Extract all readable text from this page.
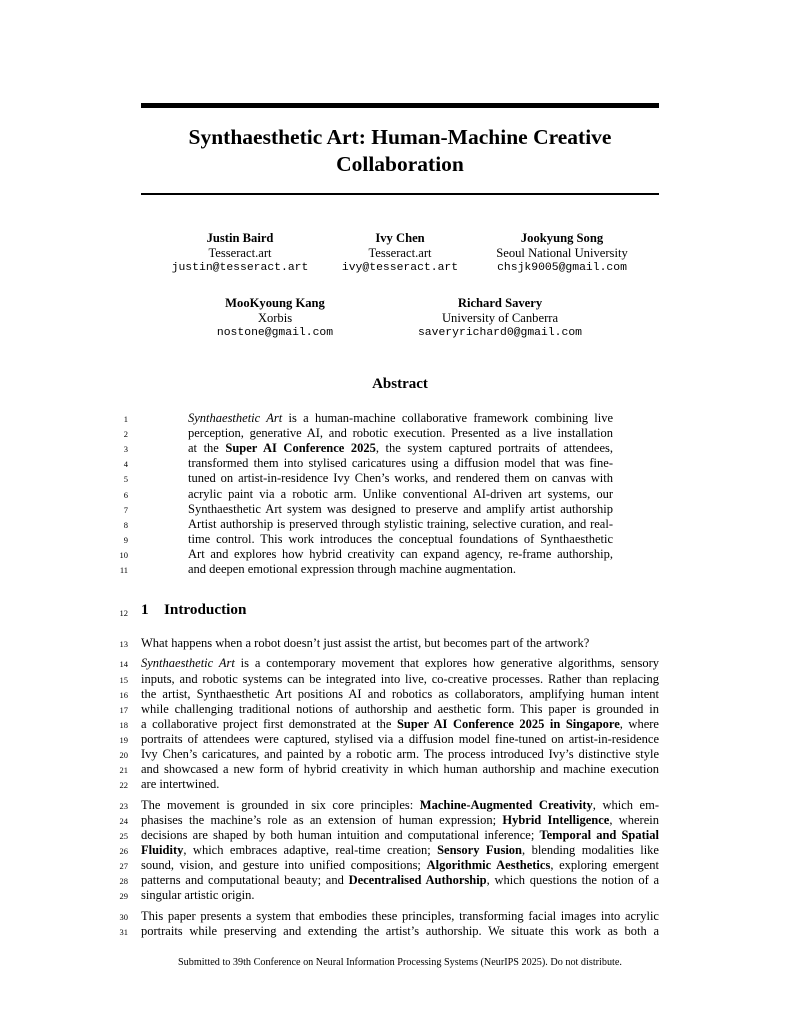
Synthaesthetic Art: Human-Machine Creative
Collaboration
Justin Baird
Tesseract.art
justin@tesseract.art
Ivy Chen
Tesseract.art
ivy@tesseract.art
Jookyung Song
Seoul National University
chsjk9005@gmail.com
MooKyoung Kang
Xorbis
nostone@gmail.com
Richard Savery
University of Canberra
saveryrichard0@gmail.com
Abstract
1	Synthaesthetic Art is a human-machine collaborative framework combining live
2	perception, generative AI, and robotic execution. Presented as a live installation
3	at the Super AI Conference 2025, the system captured portraits of attendees,
4	transformed them into stylised caricatures using a diffusion model that was fine-
5	tuned on artist-in-residence Ivy Chen’s works, and rendered them on canvas with
6	acrylic paint via a robotic arm. Unlike conventional AI-driven art systems, our
7	Synthaesthetic Art system was designed to preserve and amplify artist authorship
8	Artist authorship is preserved through stylistic training, selective curation, and real-
9	time control. This work introduces the conceptual foundations of Synthaesthetic
10	Art and explores how hybrid creativity can expand agency, re-frame authorship,
11	and deepen emotional expression through machine augmentation.
12 1 Introduction
13 What happens when a robot doesn’t just assist the artist, but becomes part of the artwork?
14 Synthaesthetic Art is a contemporary movement that explores how generative algorithms, sensory
15 inputs, and robotic systems can be integrated into live, co-creative processes. Rather than replacing
16 the artist, Synthaesthetic Art positions AI and robotics as collaborators, amplifying human intent
17 while challenging traditional notions of authorship and aesthetic form. This paper is grounded in
18 a collaborative project first demonstrated at the Super AI Conference 2025 in Singapore, where
19 portraits of attendees were captured, stylised via a diffusion model fine-tuned on artist-in-residence
20 Ivy Chen’s caricatures, and painted by a robotic arm. The process introduced Ivy’s distinctive style
21 and showcased a new form of hybrid creativity in which human authorship and machine execution
22 are intertwined.
23 The movement is grounded in six core principles: Machine-Augmented Creativity, which em-
24 phasises the machine’s role as an extension of human expression; Hybrid Intelligence, wherein
25 decisions are shaped by both human intuition and computational inference; Temporal and Spatial
26 Fluidity, which embraces adaptive, real-time creation; Sensory Fusion, blending modalities like
27 sound, vision, and gesture into unified compositions; Algorithmic Aesthetics, exploring emergent
28 patterns and computational beauty; and Decentralised Authorship, which questions the notion of a
29 singular artistic origin.
30 This paper presents a system that embodies these principles, transforming facial images into acrylic
31 portraits while preserving and extending the artist’s authorship. We situate this work as both a
Submitted to 39th Conference on Neural Information Processing Systems (NeurIPS 2025). Do not distribute.
